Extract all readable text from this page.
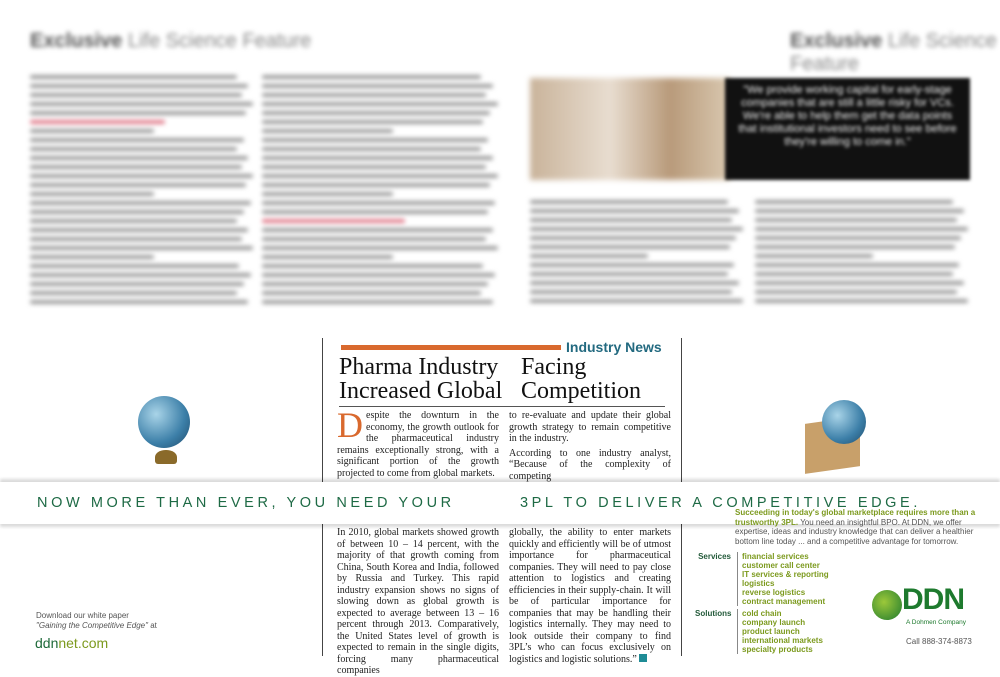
Exclusive Life Science Feature	Exclusive Life Science Feature
"We provide working capital for early-stage companies that are still a little risky for VCs. We're able to help them get the data points that institutional investors need to see before they're willing to come in."
Industry News
Pharma Industry
Increased Global
Facing
Competition
Despite the downturn in the economy, the growth outlook for the pharmaceutical industry remains exceptionally strong, with a significant portion of the growth projected to come from global markets.

to re-evaluate and update their global growth strategy to remain competitive in the industry.

According to one industry analyst, “Because of the complexity of competing

In 2010, global markets showed growth of between 10 – 14 percent, with the majority of that growth coming from China, South Korea and India, followed by Russia and Turkey. This rapid industry expansion shows no signs of slowing down as global growth is expected to average between 13 – 16 percent through 2013. Comparatively, the United States level of growth is expected to remain in the single digits, forcing many pharmaceutical companies
globally, the ability to enter markets quickly and efficiently will be of utmost importance for pharmaceutical companies. They will need to pay close attention to logistics and creating efficiencies in their supply-chain. It will be of particular importance for companies that may be handling their logistics internally. They may need to look outside their company to find 3PL’s who can focus exclusively on logistics and logistic solutions.”
NOW MORE THAN EVER, YOU NEED YOUR	3PL TO DELIVER A COMPETITIVE EDGE.
Succeeding in today's global marketplace requires more than a trustworthy 3PL. You need an insightful BPO. At DDN, we offer expertise, ideas and industry knowledge that can deliver a healthier bottom line today ... and a competitive advantage for tomorrow.
Services financial services
customer call center
IT services & reporting
logistics
reverse logistics
contract management
Solutions cold chain
company launch
product launch
international markets
specialty products
DDN
A Dohmen Company
Call 888-374-8873
Download our white paper
"Gaining the Competitive Edge" at
ddnnet.com
